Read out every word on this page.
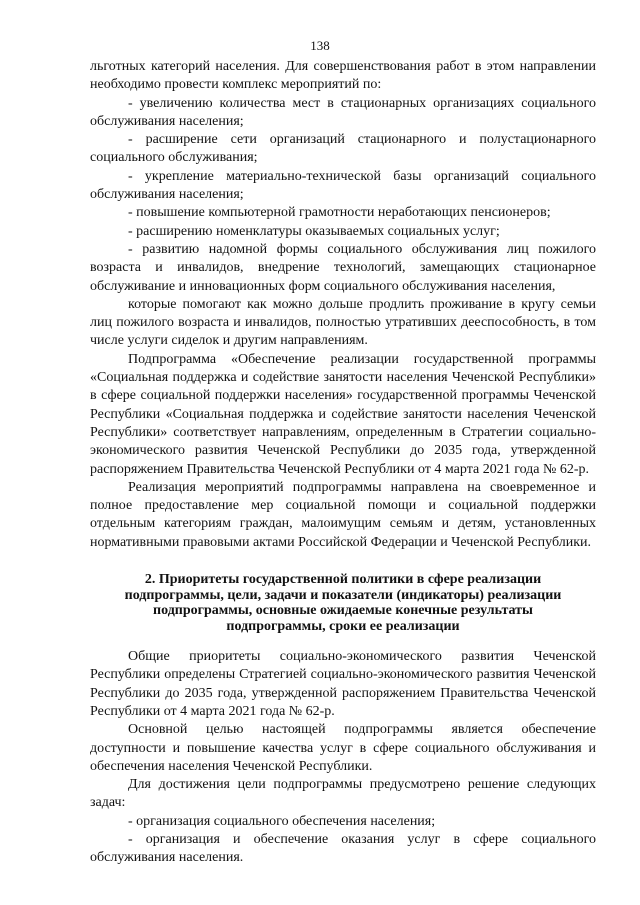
138

льготных категорий населения. Для совершенствования работ в этом направлении необходимо провести комплекс мероприятий по:

- увеличению количества мест в стационарных организациях социального обслуживания населения;

- расширение сети организаций стационарного и полустационарного социального обслуживания;

- укрепление материально-технической базы организаций социального обслуживания населения;

- повышение компьютерной грамотности неработающих пенсионеров;

- расширению номенклатуры оказываемых социальных услуг;

- развитию надомной формы социального обслуживания лиц пожилого возраста и инвалидов, внедрение технологий, замещающих стационарное обслуживание и инновационных форм социального обслуживания населения,

которые помогают как можно дольше продлить проживание в кругу семьи лиц пожилого возраста и инвалидов, полностью утративших дееспособность, в том числе услуги сиделок и другим направлениям.

Подпрограмма «Обеспечение реализации государственной программы «Социальная поддержка и содействие занятости населения Чеченской Республики» в сфере социальной поддержки населения» государственной программы Чеченской Республики «Социальная поддержка и содействие занятости населения Чеченской Республики» соответствует направлениям, определенным в Стратегии социально-экономического развития Чеченской Республики до 2035 года, утвержденной распоряжением Правительства Чеченской Республики от 4 марта 2021 года № 62-р.

Реализация мероприятий подпрограммы направлена на своевременное и полное предоставление мер социальной помощи и социальной поддержки отдельным категориям граждан, малоимущим семьям и детям, установленных нормативными правовыми актами Российской Федерации и Чеченской Республики.

2. Приоритеты государственной политики в сфере реализации
подпрограммы, цели, задачи и показатели (индикаторы) реализации
подпрограммы, основные ожидаемые конечные результаты
подпрограммы, сроки ее реализации

Общие приоритеты социально-экономического развития Чеченской Республики определены Стратегией социально-экономического развития Чеченской Республики до 2035 года, утвержденной распоряжением Правительства Чеченской Республики от 4 марта 2021 года № 62-р.

Основной целью настоящей подпрограммы является обеспечение доступности и повышение качества услуг в сфере социального обслуживания и обеспечения населения Чеченской Республики.

Для достижения цели подпрограммы предусмотрено решение следующих задач:

- организация социального обеспечения населения;

- организация и обеспечение оказания услуг в сфере социального обслуживания населения.
